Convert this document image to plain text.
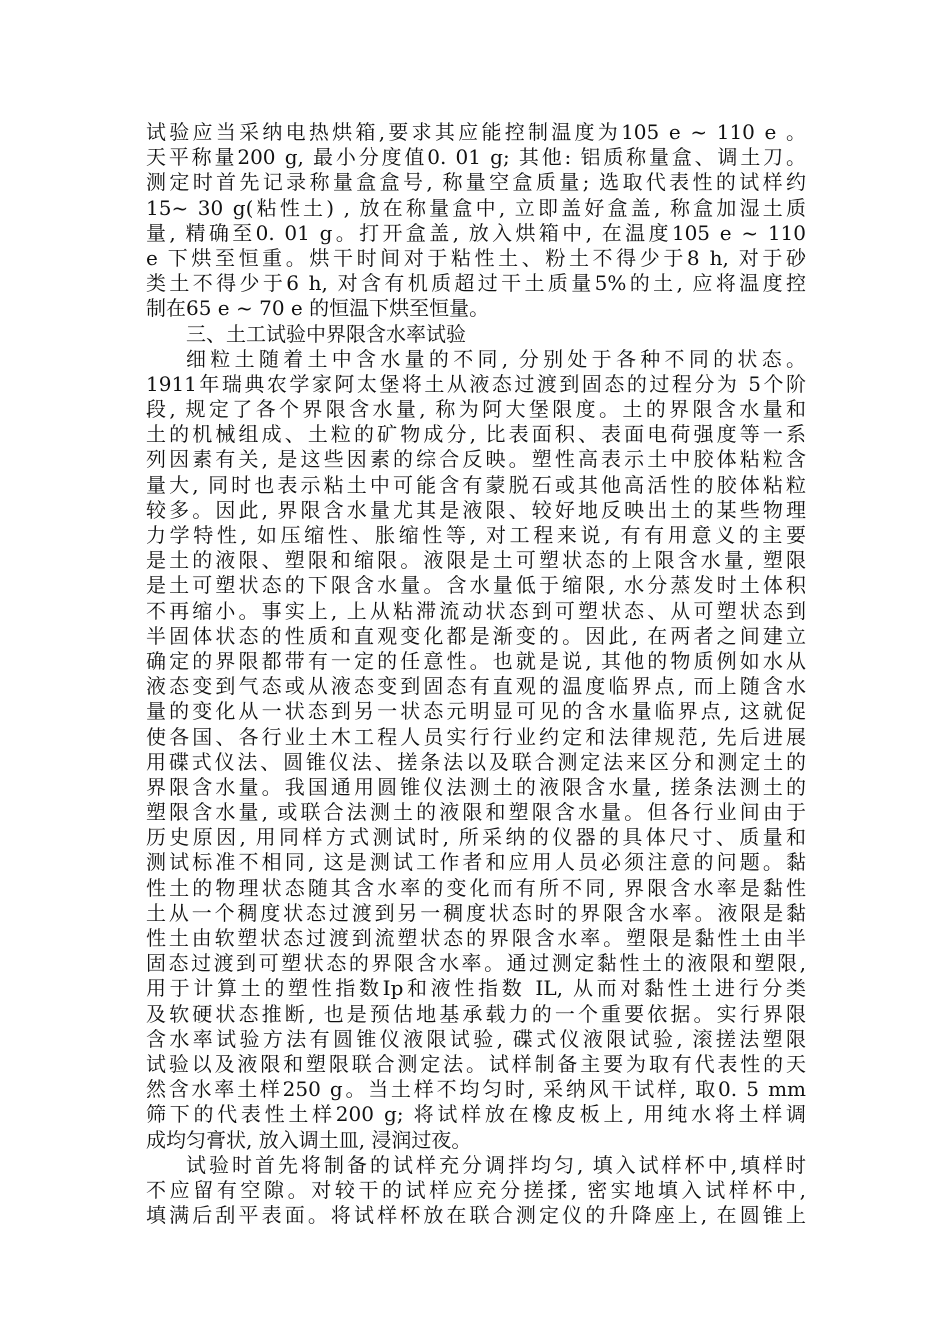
试验应当采纳电热烘箱,要求其应能控制温度为105 e ~ 110 e 。
天平称量200 g, 最小分度值0. 01 g; 其他: 铝质称量盒、调土刀。
测定时首先记录称量盒盒号, 称量空盒质量; 选取代表性的试样约
15~ 30 g(粘性土) , 放在称量盒中, 立即盖好盒盖, 称盒加湿土质
量, 精确至0. 01 g。打开盒盖, 放入烘箱中, 在温度105 e ~ 110
e 下烘至恒重。烘干时间对于粘性土、粉土不得少于8 h, 对于砂
类土不得少于6 h, 对含有机质超过干土质量5%的土, 应将温度控
制在65 e ~ 70 e 的恒温下烘至恒量。
三、土工试验中界限含水率试验
细粒土随着土中含水量的不同, 分别处于各种不同的状态。
1911年瑞典农学家阿太堡将土从液态过渡到固态的过程分为 5个阶
段, 规定了各个界限含水量, 称为阿大堡限度。土的界限含水量和
土的机械组成、土粒的矿物成分, 比表面积、表面电荷强度等一系
列因素有关, 是这些因素的综合反映。塑性高表示土中胶体粘粒含
量大, 同时也表示粘土中可能含有蒙脱石或其他高活性的胶体粘粒
较多。因此, 界限含水量尤其是液限、较好地反映出土的某些物理
力学特性, 如压缩性、胀缩性等, 对工程来说, 有有用意义的主要
是土的液限、塑限和缩限。液限是土可塑状态的上限含水量, 塑限
是土可塑状态的下限含水量。含水量低于缩限, 水分蒸发时土体积
不再缩小。事实上, 上从粘滞流动状态到可塑状态、从可塑状态到
半固体状态的性质和直观变化都是渐变的。因此, 在两者之间建立
确定的界限都带有一定的任意性。也就是说, 其他的物质例如水从
液态变到气态或从液态变到固态有直观的温度临界点, 而上随含水
量的变化从一状态到另一状态元明显可见的含水量临界点, 这就促
使各国、各行业土木工程人员实行行业约定和法律规范, 先后进展
用碟式仪法、圆锥仪法、搓条法以及联合测定法来区分和测定土的
界限含水量。我国通用圆锥仪法测土的液限含水量, 搓条法测土的
塑限含水量, 或联合法测土的液限和塑限含水量。但各行业间由于
历史原因, 用同样方式测试时, 所采纳的仪器的具体尺寸、质量和
测试标准不相同, 这是测试工作者和应用人员必须注意的问题。黏
性土的物理状态随其含水率的变化而有所不同, 界限含水率是黏性
土从一个稠度状态过渡到另一稠度状态时的界限含水率。液限是黏
性土由软塑状态过渡到流塑状态的界限含水率。塑限是黏性土由半
固态过渡到可塑状态的界限含水率。通过测定黏性土的液限和塑限,
用于计算土的塑性指数Ip和液性指数 IL, 从而对黏性土进行分类
及软硬状态推断, 也是预估地基承载力的一个重要依据。实行界限
含水率试验方法有圆锥仪液限试验, 碟式仪液限试验, 滚搓法塑限
试验以及液限和塑限联合测定法。试样制备主要为取有代表性的天
然含水率土样250 g。当土样不均匀时, 采纳风干试样, 取0. 5 mm
筛下的代表性土样200 g; 将试样放在橡皮板上, 用纯水将土样调
成均匀膏状, 放入调土皿, 浸润过夜。
试验时首先将制备的试样充分调拌均匀, 填入试样杯中,填样时
不应留有空隙。对较干的试样应充分搓揉, 密实地填入试样杯中,
填满后刮平表面。将试样杯放在联合测定仪的升降座上, 在圆锥上
